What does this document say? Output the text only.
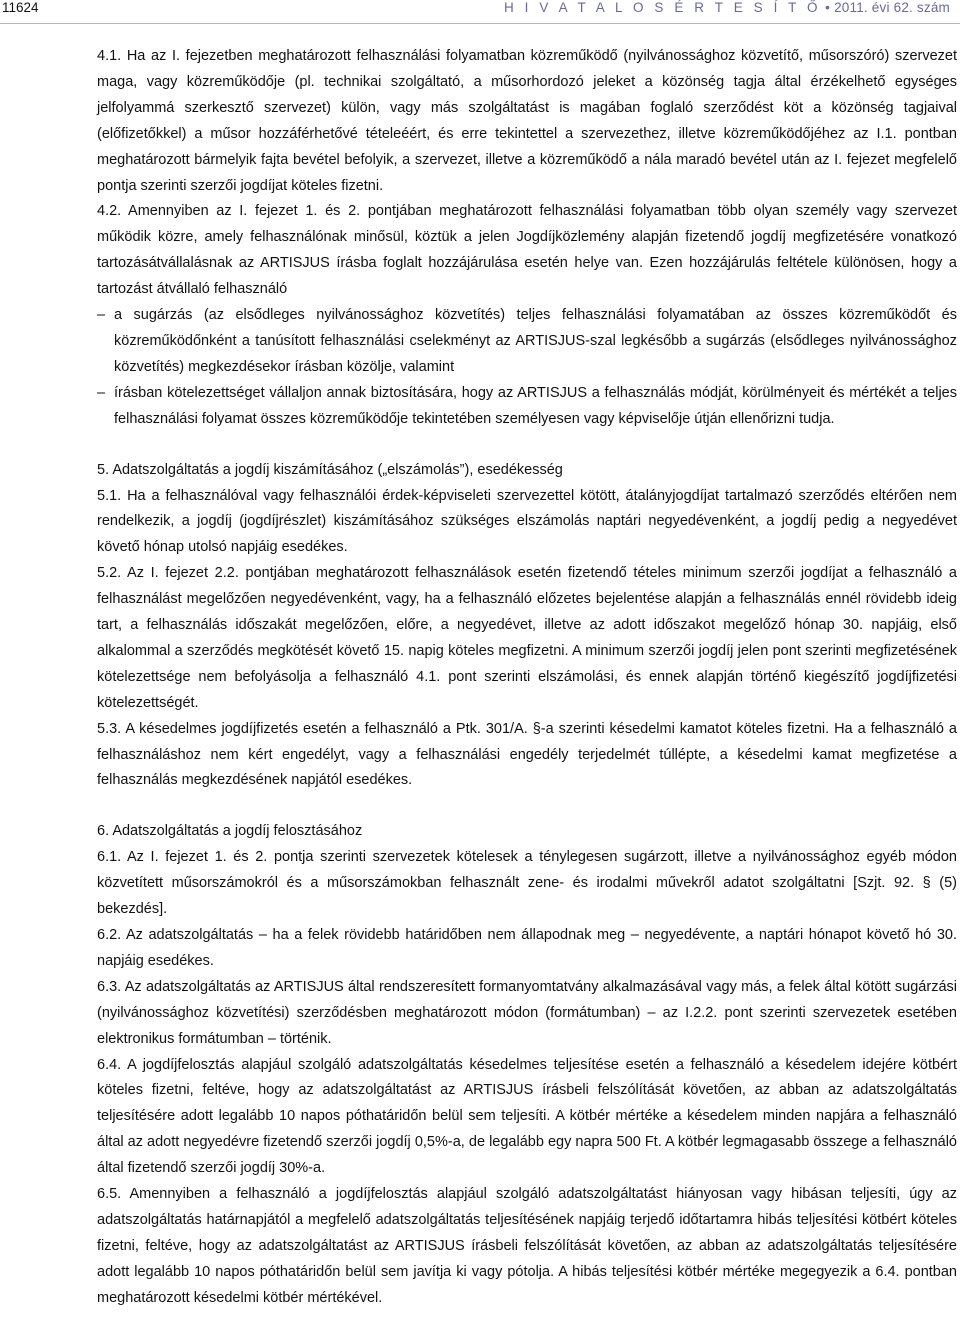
11624	H I V A T A L O S É R T E S Í T Ő • 2011. évi 62. szám

4.1. Ha az I. fejezetben meghatározott felhasználási folyamatban közreműködő (nyilvánossághoz közvetítő, műsorszóró) szervezet maga, vagy közreműködője (pl. technikai szolgáltató, a műsorhordozó jeleket a közönség tagja által érzékelhető egységes jelfolyammá szerkesztő szervezet) külön, vagy más szolgáltatást is magában foglaló szerződést köt a közönség tagjaival (előfizetőkkel) a műsor hozzáférhetővé tételeéért, és erre tekintettel a szervezethez, illetve közreműködőjéhez az I.1. pontban meghatározott bármelyik fajta bevétel befolyik, a szervezet, illetve a közreműködő a nála maradó bevétel után az I. fejezet megfelelő pontja szerinti szerzői jogdíjat köteles fizetni.

4.2. Amennyiben az I. fejezet 1. és 2. pontjában meghatározott felhasználási folyamatban több olyan személy vagy szervezet működik közre, amely felhasználónak minősül, köztük a jelen Jogdíjközlemény alapján fizetendő jogdíj megfizetésére vonatkozó tartozásátvállalásnak az ARTISJUS írásba foglalt hozzájárulása esetén helye van. Ezen hozzájárulás feltétele különösen, hogy a tartozást átvállaló felhasználó

– a sugárzás (az elsődleges nyilvánossághoz közvetítés) teljes felhasználási folyamatában az összes közreműködőt és közreműködőnként a tanúsított felhasználási cselekményt az ARTISJUS-szal legkésőbb a sugárzás (elsődleges nyilvánossághoz közvetítés) megkezdésekor írásban közölje, valamint
– írásban kötelezettséget vállaljon annak biztosítására, hogy az ARTISJUS a felhasználás módját, körülményeit és mértékét a teljes felhasználási folyamat összes közreműködője tekintetében személyesen vagy képviselője útján ellenőrizni tudja.

5. Adatszolgáltatás a jogdíj kiszámításához („elszámolás”), esedékesség

5.1. Ha a felhasználóval vagy felhasználói érdek-képviseleti szervezettel kötött, átalányjogdíjat tartalmazó szerződés eltérően nem rendelkezik, a jogdíj (jogdíjrészlet) kiszámításához szükséges elszámolás naptári negyedévenként, a jogdíj pedig a negyedévet követő hónap utolsó napjáig esedékes.

5.2. Az I. fejezet 2.2. pontjában meghatározott felhasználások esetén fizetendő tételes minimum szerzői jogdíjat a felhasználó a felhasználást megelőzően negyedévenként, vagy, ha a felhasználó előzetes bejelentése alapján a felhasználás ennél rövidebb ideig tart, a felhasználás időszakát megelőzően, előre, a negyedévet, illetve az adott időszakot megelőző hónap 30. napjáig, első alkalommal a szerződés megkötését követő 15. napig köteles megfizetni. A minimum szerzői jogdíj jelen pont szerinti megfizetésének kötelezettsége nem befolyásolja a felhasználó 4.1. pont szerinti elszámolási, és ennek alapján történő kiegészítő jogdíjfizetési kötelezettségét.

5.3. A késedelmes jogdíjfizetés esetén a felhasználó a Ptk. 301/A. §-a szerinti késedelmi kamatot köteles fizetni. Ha a felhasználó a felhasználáshoz nem kért engedélyt, vagy a felhasználási engedély terjedelmét túllépte, a késedelmi kamat megfizetése a felhasználás megkezdésének napjától esedékes.

6. Adatszolgáltatás a jogdíj felosztásához

6.1. Az I. fejezet 1. és 2. pontja szerinti szervezetek kötelesek a ténylegesen sugárzott, illetve a nyilvánossághoz egyéb módon közvetített műsorszámokról és a műsorszámokban felhasznált zene- és irodalmi művekről adatot szolgáltatni [Szjt. 92. § (5) bekezdés].

6.2. Az adatszolgáltatás – ha a felek rövidebb határidőben nem állapodnak meg – negyedévente, a naptári hónapot követő hó 30. napjáig esedékes.

6.3. Az adatszolgáltatás az ARTISJUS által rendszeresített formanyomtatvány alkalmazásával vagy más, a felek által kötött sugárzási (nyilvánossághoz közvetítési) szerződésben meghatározott módon (formátumban) – az I.2.2. pont szerinti szervezetek esetében elektronikus formátumban – történik.

6.4. A jogdíjfelosztás alapjául szolgáló adatszolgáltatás késedelmes teljesítése esetén a felhasználó a késedelem idejére kötbért köteles fizetni, feltéve, hogy az adatszolgáltatást az ARTISJUS írásbeli felszólítását követően, az abban az adatszolgáltatás teljesítésére adott legalább 10 napos póthatáridőn belül sem teljesíti. A kötbér mértéke a késedelem minden napjára a felhasználó által az adott negyedévre fizetendő szerzői jogdíj 0,5%-a, de legalább egy napra 500 Ft. A kötbér legmagasabb összege a felhasználó által fizetendő szerzői jogdíj 30%-a.

6.5. Amennyiben a felhasználó a jogdíjfelosztás alapjául szolgáló adatszolgáltatást hiányosan vagy hibásan teljesíti, úgy az adatszolgáltatás határnapjától a megfelelő adatszolgáltatás teljesítésének napjáig terjedő időtartamra hibás teljesítési kötbért köteles fizetni, feltéve, hogy az adatszolgáltatást az ARTISJUS írásbeli felszólítását követően, az abban az adatszolgáltatás teljesítésére adott legalább 10 napos póthatáridőn belül sem javítja ki vagy pótolja. A hibás teljesítési kötbér mértéke megegyezik a 6.4. pontban meghatározott késedelmi kötbér mértékével.
